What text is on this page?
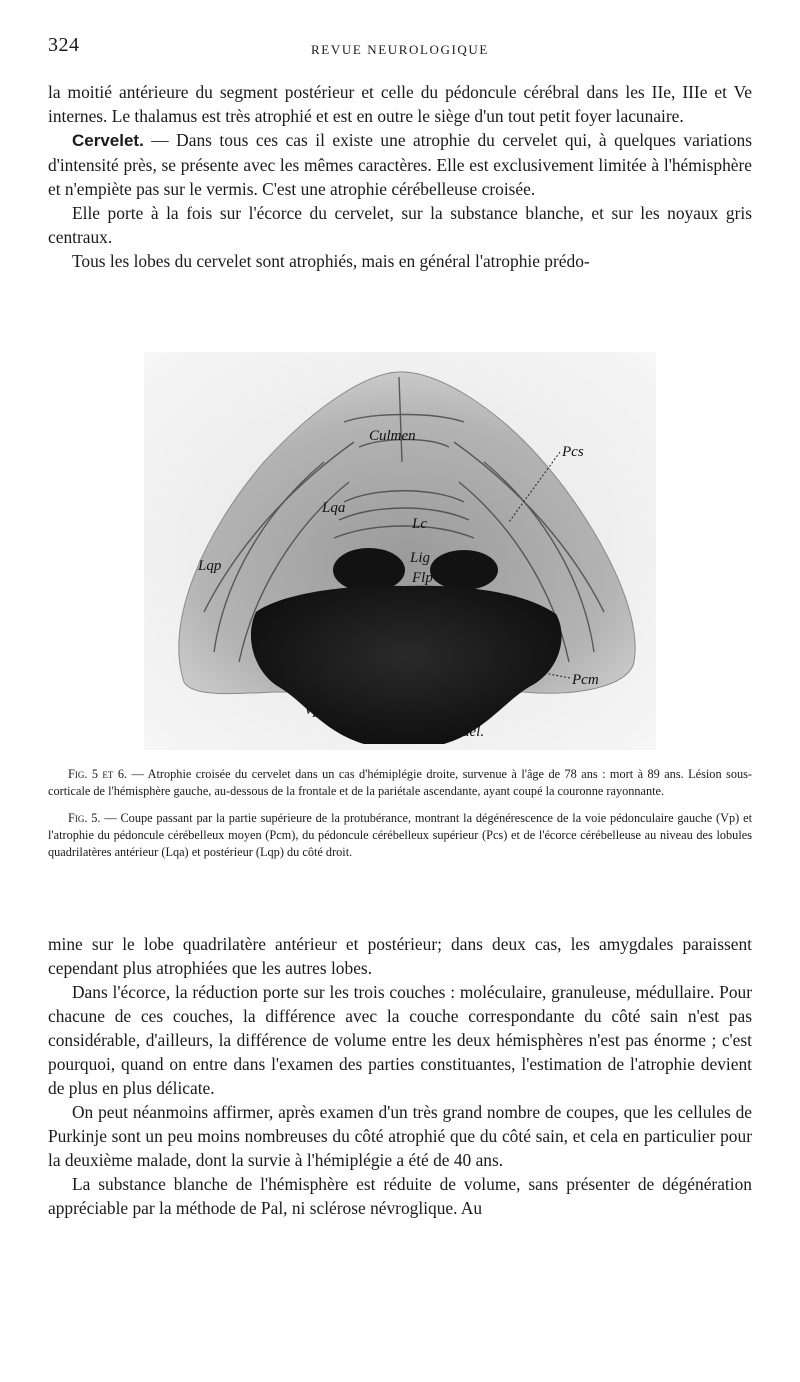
324	REVUE NEUROLOGIQUE

la moitié antérieure du segment postérieur et celle du pédoncule cérébral dans les IIe, IIIe et Ve internes. Le thalamus est très atrophié et est en outre le siège d'un tout petit foyer lacunaire.

Cervelet. — Dans tous ces cas il existe une atrophie du cervelet qui, à quelques variations d'intensité près, se présente avec les mêmes caractères. Elle est exclusivement limitée à l'hémisphère et n'empiète pas sur le vermis. C'est une atrophie cérébelleuse croisée.

Elle porte à la fois sur l'écorce du cervelet, sur la substance blanche, et sur les noyaux gris centraux.

Tous les lobes du cervelet sont atrophiés, mais en général l'atrophie prédo-

Culmen
Pcs
Lqa
Lc
Lig
Flp
Lqp
Pcm
Vp
del.

Fig. 5 et 6. — Atrophie croisée du cervelet dans un cas d'hémiplégie droite, survenue à l'âge de 78 ans : mort à 89 ans. Lésion sous-corticale de l'hémisphère gauche, au-dessous de la frontale et de la pariétale ascendante, ayant coupé la couronne rayonnante.

Fig. 5. — Coupe passant par la partie supérieure de la protubérance, montrant la dégénérescence de la voie pédonculaire gauche (Vp) et l'atrophie du pédoncule cérébelleux moyen (Pcm), du pédoncule cérébelleux supérieur (Pcs) et de l'écorce cérébelleuse au niveau des lobules quadrilatères antérieur (Lqa) et postérieur (Lqp) du côté droit.

mine sur le lobe quadrilatère antérieur et postérieur; dans deux cas, les amygdales paraissent cependant plus atrophiées que les autres lobes.

Dans l'écorce, la réduction porte sur les trois couches : moléculaire, granuleuse, médullaire. Pour chacune de ces couches, la différence avec la couche correspondante du côté sain n'est pas considérable, d'ailleurs, la différence de volume entre les deux hémisphères n'est pas énorme ; c'est pourquoi, quand on entre dans l'examen des parties constituantes, l'estimation de l'atrophie devient de plus en plus délicate.

On peut néanmoins affirmer, après examen d'un très grand nombre de coupes, que les cellules de Purkinje sont un peu moins nombreuses du côté atrophié que du côté sain, et cela en particulier pour la deuxième malade, dont la survie à l'hémiplégie a été de 40 ans.

La substance blanche de l'hémisphère est réduite de volume, sans présenter de dégénération appréciable par la méthode de Pal, ni sclérose névroglique. Au
